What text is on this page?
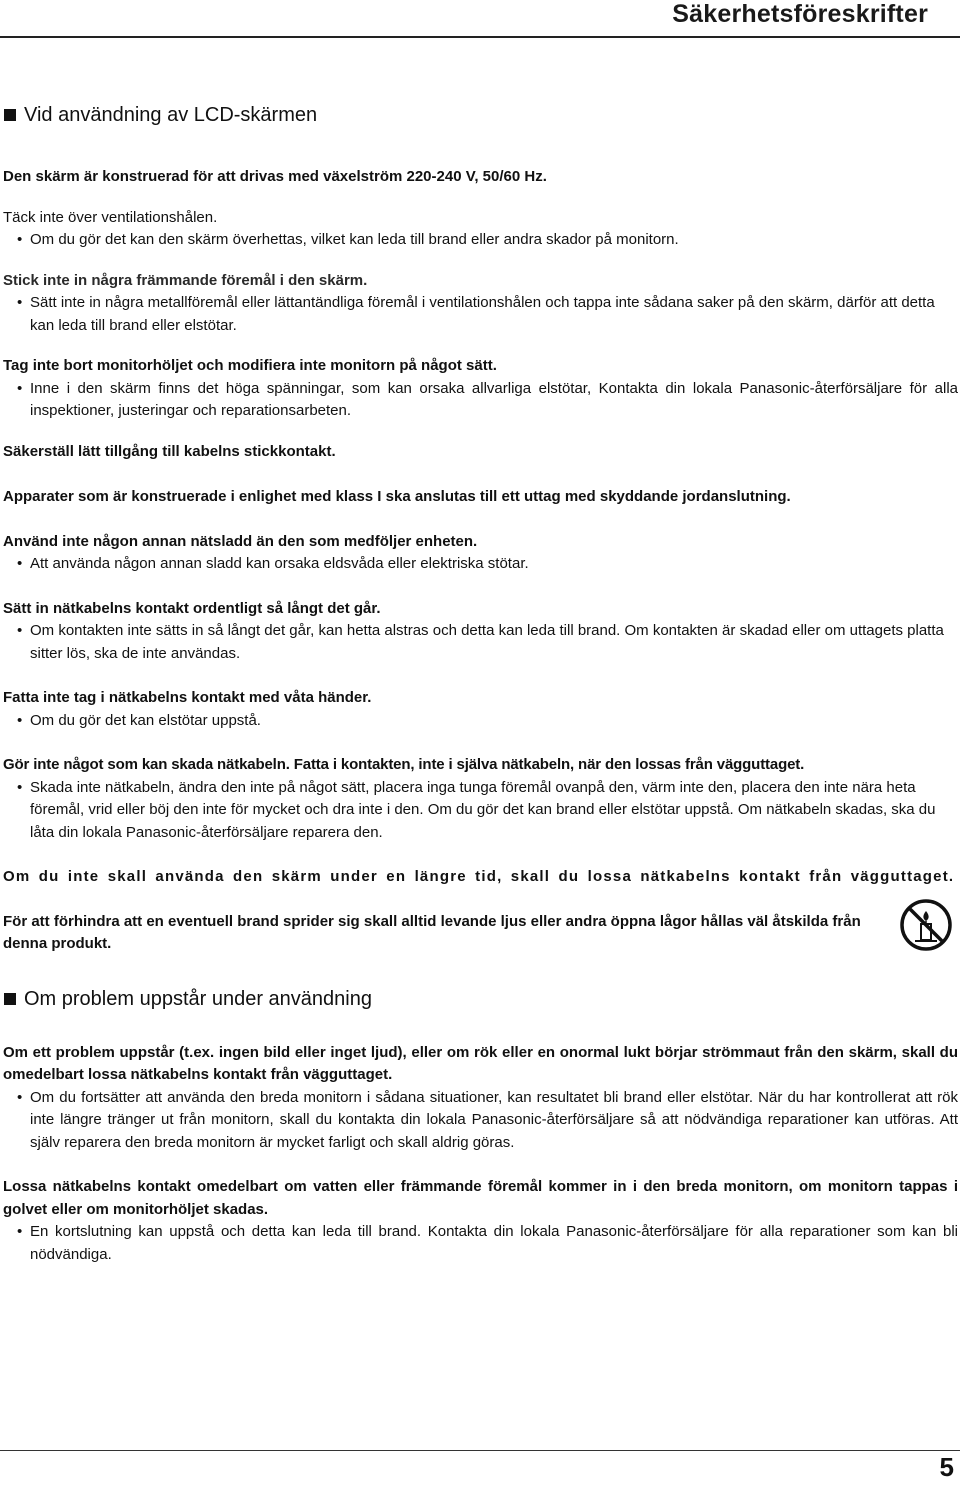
Säkerhetsföreskrifter
Vid användning av LCD-skärmen

Den skärm är konstruerad för att drivas med växelström 220-240 V, 50/60 Hz.

Täck inte över ventilationshålen.

• Om du gör det kan den skärm överhettas, vilket kan leda till brand eller andra skador på monitorn.

Stick inte in några främmande föremål i den skärm.

• Sätt inte in några metallföremål eller lättantändliga föremål i ventilationshålen och tappa inte sådana saker på den skärm, därför att detta kan leda till brand eller elstötar.

Tag inte bort monitorhöljet och modifiera inte monitorn på något sätt.

• Inne i den skärm finns det höga spänningar, som kan orsaka allvarliga elstötar, Kontakta din lokala Panasonic-återförsäljare för alla inspektioner, justeringar och reparationsarbeten.

Säkerställ lätt tillgång till kabelns stickkontakt.

Apparater som är konstruerade i enlighet med klass I ska anslutas till ett uttag med skyddande jordanslutning.

Använd inte någon annan nätsladd än den som medföljer enheten.

• Att använda någon annan sladd kan orsaka eldsvåda eller elektriska stötar.

Sätt in nätkabelns kontakt ordentligt så långt det går.

• Om kontakten inte sätts in så långt det går, kan hetta alstras och detta kan leda till brand. Om kontakten är skadad eller om uttagets platta sitter lös, ska de inte användas.

Fatta inte tag i nätkabelns kontakt med våta händer.

• Om du gör det kan elstötar uppstå.

Gör inte något som kan skada nätkabeln. Fatta i kontakten, inte i själva nätkabeln, när den lossas från vägguttaget.

• Skada inte nätkabeln, ändra den inte på något sätt, placera inga tunga föremål ovanpå den, värm inte den, placera den inte nära heta föremål, vrid eller böj den inte för mycket och dra inte i den. Om du gör det kan brand eller elstötar uppstå. Om nätkabeln skadas, ska du låta din lokala Panasonic-återförsäljare reparera den.

Om du inte skall använda den skärm under en längre tid, skall du lossa nätkabelns kontakt från vägguttaget.

För att förhindra att en eventuell brand sprider sig skall alltid levande ljus eller andra öppna lågor hållas väl åtskilda från denna produkt.

Om problem uppstår under användning

Om ett problem uppstår (t.ex. ingen bild eller inget ljud), eller om rök eller en onormal lukt börjar strömmaut från den skärm, skall du omedelbart lossa nätkabelns kontakt från vägguttaget.

• Om du fortsätter att använda den breda monitorn i sådana situationer, kan resultatet bli brand eller elstötar. När du har kontrollerat att rök inte längre tränger ut från monitorn, skall du kontakta din lokala Panasonic-återförsäljare så att nödvändiga reparationer kan utföras. Att själv reparera den breda monitorn är mycket farligt och skall aldrig göras.

Lossa nätkabelns kontakt omedelbart om vatten eller främmande föremål kommer in i den breda monitorn, om monitorn tappas i golvet eller om monitorhöljet skadas.

• En kortslutning kan uppstå och detta kan leda till brand. Kontakta din lokala Panasonic-återförsäljare för alla reparationer som kan bli nödvändiga.

5
